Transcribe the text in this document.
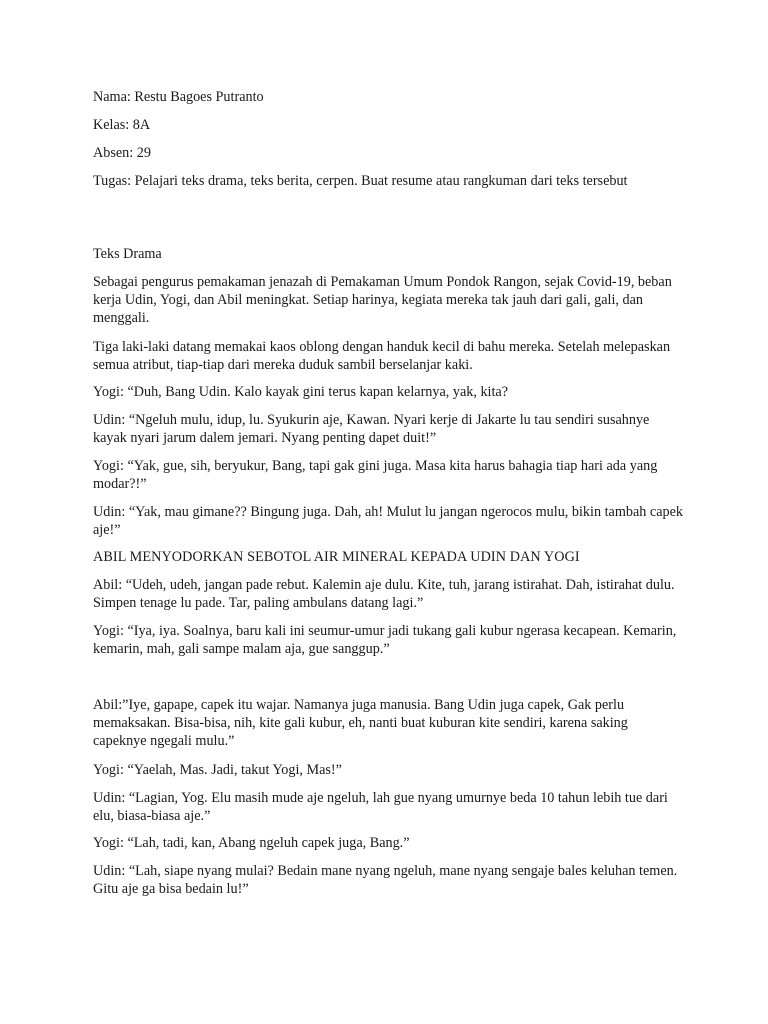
Nama: Restu Bagoes Putranto

Kelas: 8A

Absen: 29

Tugas: Pelajari teks drama, teks berita, cerpen. Buat resume atau rangkuman dari teks tersebut

Teks Drama

Sebagai pengurus pemakaman jenazah di Pemakaman Umum Pondok Rangon, sejak Covid-19, beban kerja Udin, Yogi, dan Abil meningkat. Setiap harinya, kegiata mereka tak jauh dari gali, gali, dan menggali.

Tiga laki-laki datang memakai kaos oblong dengan handuk kecil di bahu mereka. Setelah melepaskan semua atribut, tiap-tiap dari mereka duduk sambil berselanjar kaki.

Yogi: “Duh, Bang Udin. Kalo kayak gini terus kapan kelarnya, yak, kita?

Udin: “Ngeluh mulu, idup, lu. Syukurin aje, Kawan. Nyari kerje di Jakarte lu tau sendiri susahnye kayak nyari jarum dalem jemari. Nyang penting dapet duit!”

Yogi: “Yak, gue, sih, beryukur, Bang, tapi gak gini juga. Masa kita harus bahagia tiap hari ada yang modar?!”

Udin: “Yak, mau gimane?? Bingung juga. Dah, ah! Mulut lu jangan ngerocos mulu, bikin tambah capek aje!”

ABIL MENYODORKAN SEBOTOL AIR MINERAL KEPADA UDIN DAN YOGI

Abil: “Udeh, udeh, jangan pade rebut. Kalemin aje dulu. Kite, tuh, jarang istirahat. Dah, istirahat dulu. Simpen tenage lu pade. Tar, paling ambulans datang lagi.”

Yogi: “Iya, iya. Soalnya, baru kali ini seumur-umur jadi tukang gali kubur ngerasa kecapean. Kemarin, kemarin, mah, gali sampe malam aja, gue sanggup.”

Abil:”Iye, gapape, capek itu wajar. Namanya juga manusia. Bang Udin juga capek, Gak perlu memaksakan. Bisa-bisa, nih, kite gali kubur, eh, nanti buat kuburan kite sendiri, karena saking capeknye ngegali mulu.”

Yogi: “Yaelah, Mas. Jadi, takut Yogi, Mas!”

Udin: “Lagian, Yog. Elu masih mude aje ngeluh, lah gue nyang umurnye beda 10 tahun lebih tue dari elu, biasa-biasa aje.”

Yogi: “Lah, tadi, kan, Abang ngeluh capek juga, Bang.”

Udin: “Lah, siape nyang mulai? Bedain mane nyang ngeluh, mane nyang sengaje bales keluhan temen. Gitu aje ga bisa bedain lu!”
